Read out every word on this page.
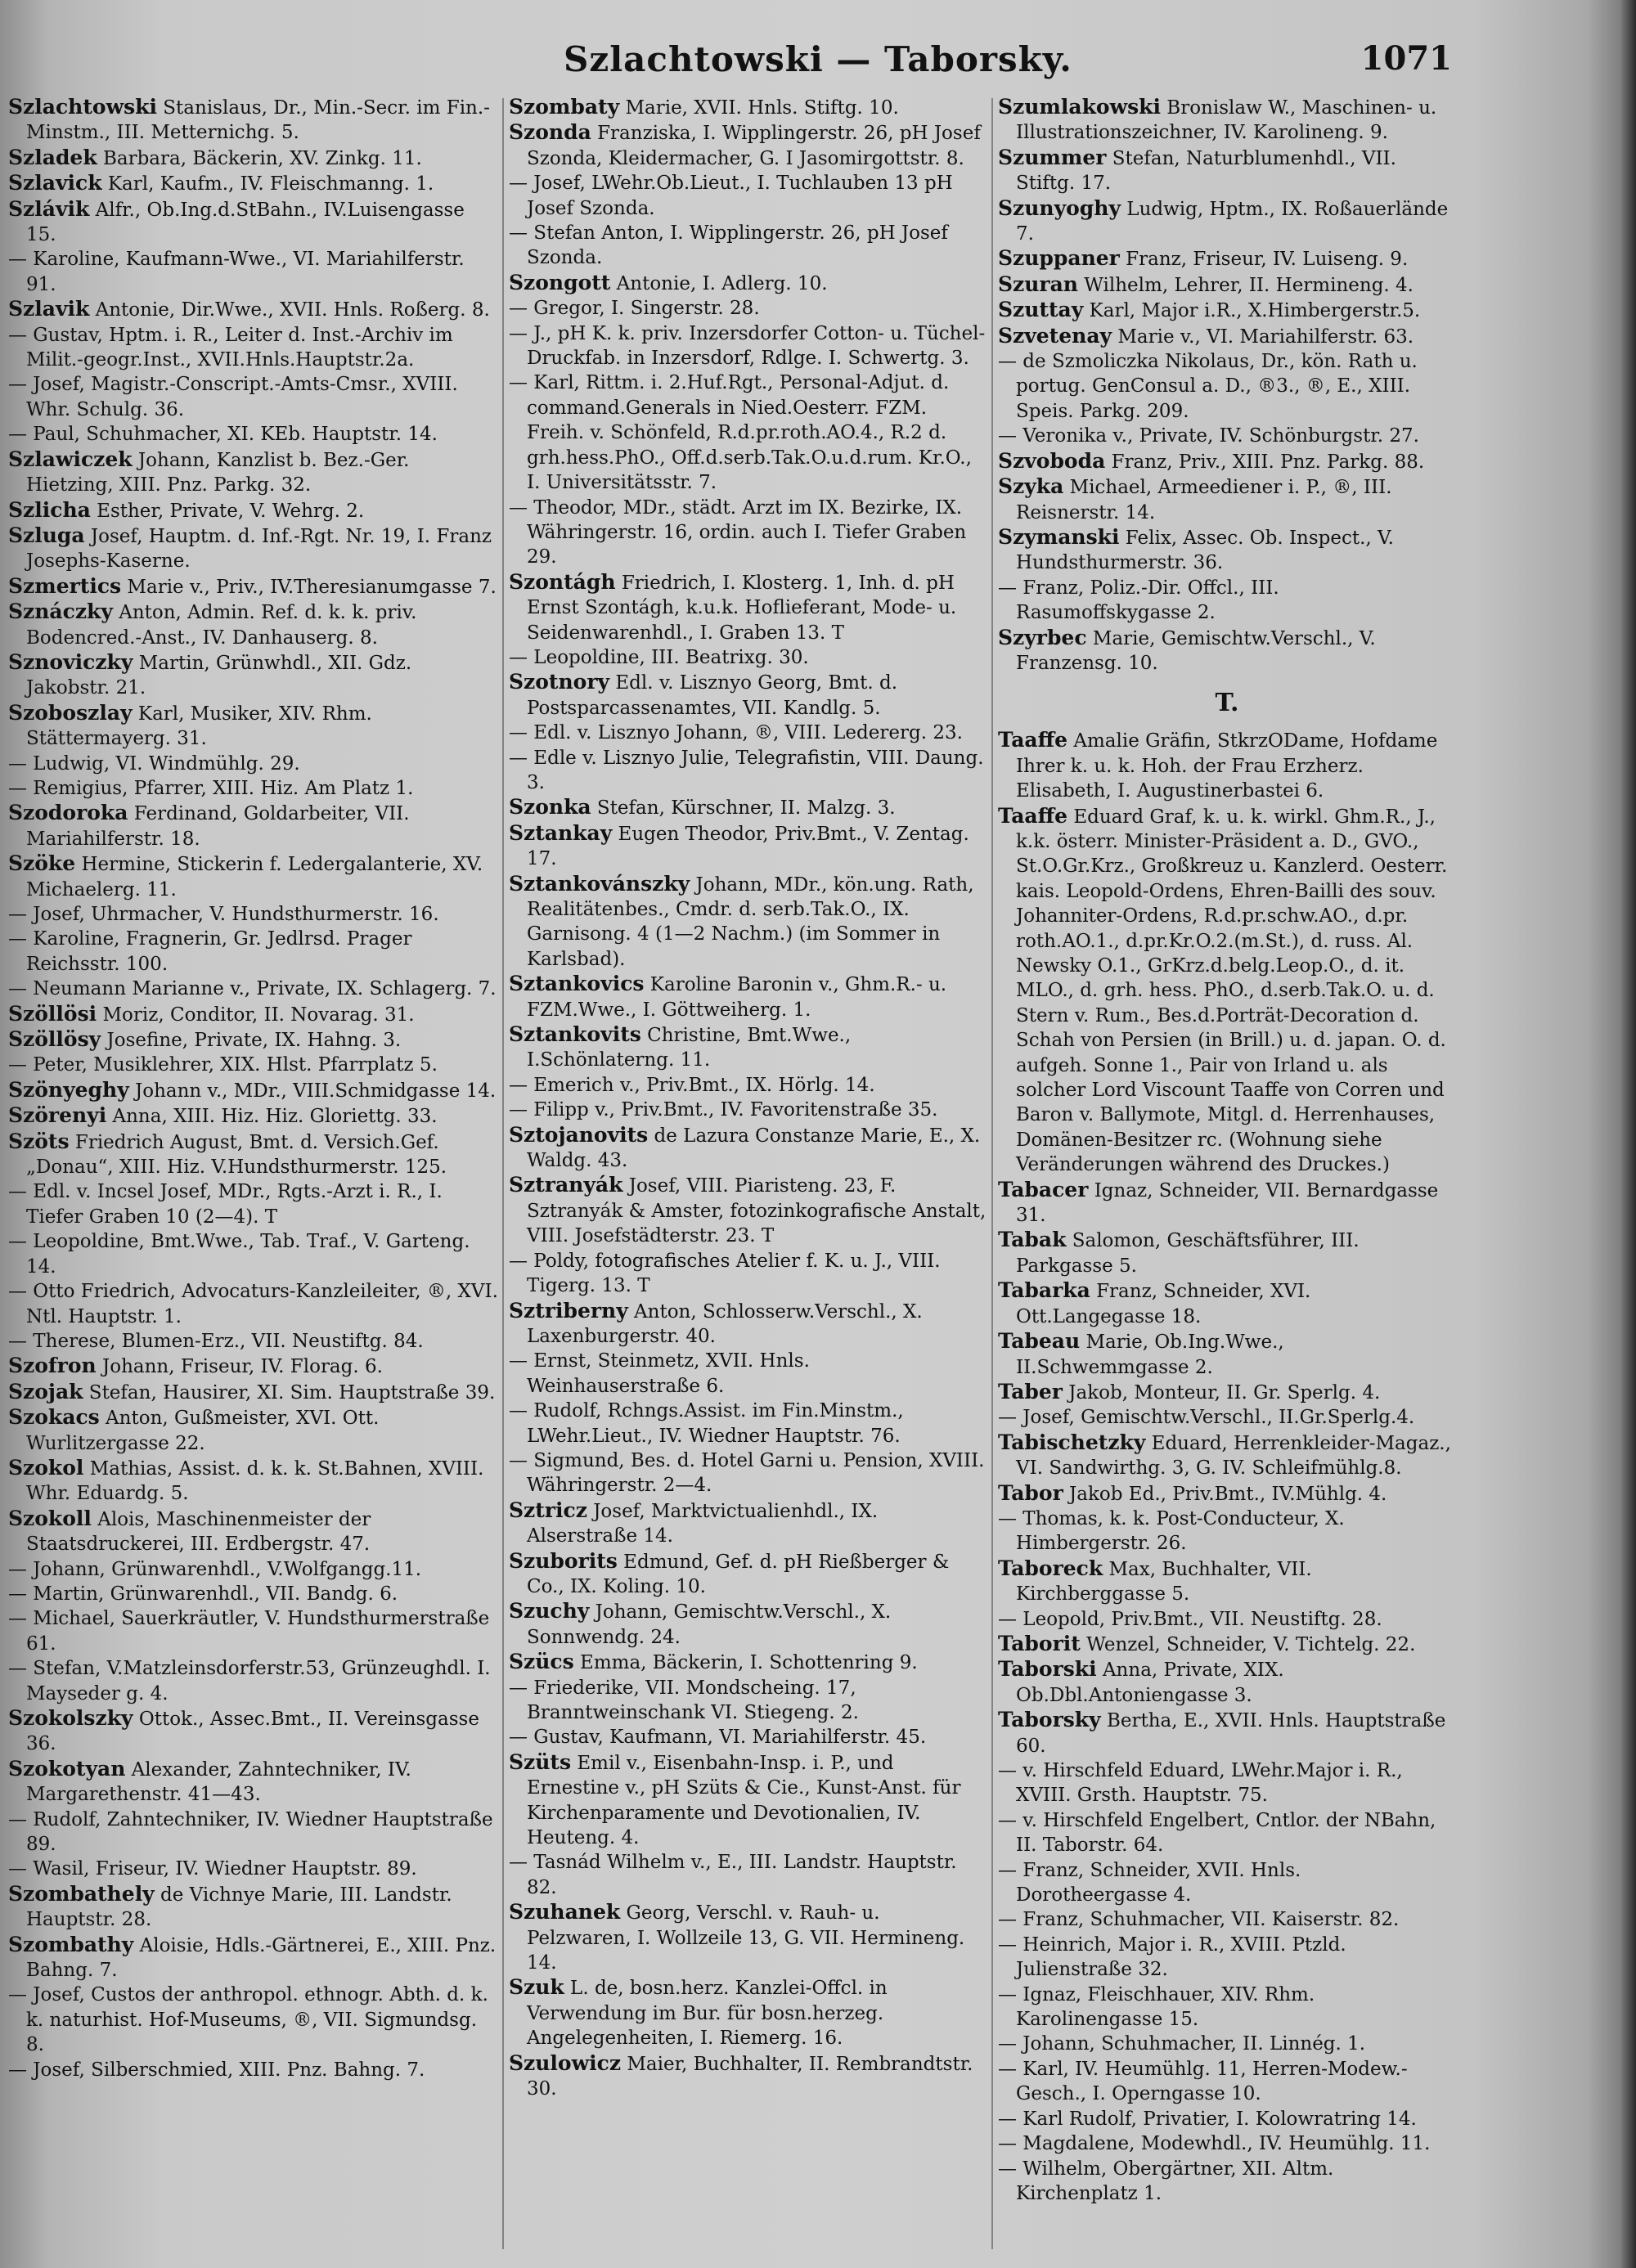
Szlachtowski — Taborsky.	1071

Szlachtowski Stanislaus, Dr., Min.-Secr. im Fin.-Minstm., III. Metternichg. 5.

Szladek Barbara, Bäckerin, XV. Zinkg. 11.

Szlavick Karl, Kaufm., IV. Fleischmanng. 1.

Szlávik Alfr., Ob.Ing.d.StBahn., IV.Luisengasse 15.

— Karoline, Kaufmann-Wwe., VI. Mariahilferstr. 91.

Szlavik Antonie, Dir.Wwe., XVII. Hnls. Roßerg. 8.

— Gustav, Hptm. i. R., Leiter d. Inst.-Archiv im Milit.-geogr.Inst., XVII.Hnls.Hauptstr.2a.

— Josef, Magistr.-Conscript.-Amts-Cmsr., XVIII. Whr. Schulg. 36.

— Paul, Schuhmacher, XI. KEb. Hauptstr. 14.

Szlawiczek Johann, Kanzlist b. Bez.-Ger. Hietzing, XIII. Pnz. Parkg. 32.

Szlicha Esther, Private, V. Wehrg. 2.

Szluga Josef, Hauptm. d. Inf.-Rgt. Nr. 19, I. Franz Josephs-Kaserne.

Szmertics Marie v., Priv., IV.Theresianumgasse 7.

Sznáczky Anton, Admin. Ref. d. k. k. priv. Bodencred.-Anst., IV. Danhauserg. 8.

Sznoviczky Martin, Grünwhdl., XII. Gdz. Jakobstr. 21.

Szoboszlay Karl, Musiker, XIV. Rhm. Stättermayerg. 31.

— Ludwig, VI. Windmühlg. 29.

— Remigius, Pfarrer, XIII. Hiz. Am Platz 1.

Szodoroka Ferdinand, Goldarbeiter, VII. Mariahilferstr. 18.

Szöke Hermine, Stickerin f. Ledergalanterie, XV. Michaelerg. 11.

— Josef, Uhrmacher, V. Hundsthurmerstr. 16.

— Karoline, Fragnerin, Gr. Jedlrsd. Prager Reichsstr. 100.

— Neumann Marianne v., Private, IX. Schlagerg. 7.

Szöllösi Moriz, Conditor, II. Novarag. 31.

Szöllösy Josefine, Private, IX. Hahng. 3.

— Peter, Musiklehrer, XIX. Hlst. Pfarrplatz 5.

Szönyeghy Johann v., MDr., VIII.Schmidgasse 14.

Szörenyi Anna, XIII. Hiz. Hiz. Gloriettg. 33.

Szöts Friedrich August, Bmt. d. Versich.Gef. „Donau“, XIII. Hiz. V.Hundsthurmerstr. 125.

— Edl. v. Incsel Josef, MDr., Rgts.-Arzt i. R., I. Tiefer Graben 10 (2—4). T

— Leopoldine, Bmt.Wwe., Tab. Traf., V. Garteng. 14.

— Otto Friedrich, Advocaturs-Kanzleileiter, ®, XVI. Ntl. Hauptstr. 1.

— Therese, Blumen-Erz., VII. Neustiftg. 84.

Szofron Johann, Friseur, IV. Florag. 6.

Szojak Stefan, Hausirer, XI. Sim. Hauptstraße 39.

Szokacs Anton, Gußmeister, XVI. Ott. Wurlitzergasse 22.

Szokol Mathias, Assist. d. k. k. St.Bahnen, XVIII. Whr. Eduardg. 5.

Szokoll Alois, Maschinenmeister der Staatsdruckerei, III. Erdbergstr. 47.

— Johann, Grünwarenhdl., V.Wolfgangg.11.

— Martin, Grünwarenhdl., VII. Bandg. 6.

— Michael, Sauerkräutler, V. Hundsthurmerstraße 61.

— Stefan, V.Matzleinsdorferstr.53, Grünzeughdl. I. Mayseder g. 4.

Szokolszky Ottok., Assec.Bmt., II. Vereinsgasse 36.

Szokotyan Alexander, Zahntechniker, IV. Margarethenstr. 41—43.

— Rudolf, Zahntechniker, IV. Wiedner Hauptstraße 89.

— Wasil, Friseur, IV. Wiedner Hauptstr. 89.

Szombathely de Vichnye Marie, III. Landstr. Hauptstr. 28.

Szombathy Aloisie, Hdls.-Gärtnerei, E., XIII. Pnz. Bahng. 7.

— Josef, Custos der anthropol. ethnogr. Abth. d. k. k. naturhist. Hof-Museums, ®, VII. Sigmundsg. 8.

— Josef, Silberschmied, XIII. Pnz. Bahng. 7.

Szombaty Marie, XVII. Hnls. Stiftg. 10.

Szonda Franziska, I. Wipplingerstr. 26, pH Josef Szonda, Kleidermacher, G. I Jasomirgottstr. 8.

— Josef, LWehr.Ob.Lieut., I. Tuchlauben 13 pH Josef Szonda.

— Stefan Anton, I. Wipplingerstr. 26, pH Josef Szonda.

Szongott Antonie, I. Adlerg. 10.

— Gregor, I. Singerstr. 28.

— J., pH K. k. priv. Inzersdorfer Cotton- u. Tüchel-Druckfab. in Inzersdorf, Rdlge. I. Schwertg. 3.

— Karl, Rittm. i. 2.Huf.Rgt., Personal-Adjut. d. command.Generals in Nied.Oesterr. FZM. Freih. v. Schönfeld, R.d.pr.roth.AO.4., R.2 d. grh.hess.PhO., Off.d.serb.Tak.O.u.d.rum. Kr.O., I. Universitätsstr. 7.

— Theodor, MDr., städt. Arzt im IX. Bezirke, IX. Währingerstr. 16, ordin. auch I. Tiefer Graben 29.

Szontágh Friedrich, I. Klosterg. 1, Inh. d. pH Ernst Szontágh, k.u.k. Hoflieferant, Mode- u. Seidenwarenhdl., I. Graben 13. T

— Leopoldine, III. Beatrixg. 30.

Szotnory Edl. v. Lisznyo Georg, Bmt. d. Postsparcassenamtes, VII. Kandlg. 5.

— Edl. v. Lisznyo Johann, ®, VIII. Ledererg. 23.

— Edle v. Lisznyo Julie, Telegrafistin, VIII. Daung. 3.

Szonka Stefan, Kürschner, II. Malzg. 3.

Sztankay Eugen Theodor, Priv.Bmt., V. Zentag. 17.

Sztankovánszky Johann, MDr., kön.ung. Rath, Realitätenbes., Cmdr. d. serb.Tak.O., IX. Garnisong. 4 (1—2 Nachm.) (im Sommer in Karlsbad).

Sztankovics Karoline Baronin v., Ghm.R.- u. FZM.Wwe., I. Göttweiherg. 1.

Sztankovits Christine, Bmt.Wwe., I.Schönlaterng. 11.

— Emerich v., Priv.Bmt., IX. Hörlg. 14.

— Filipp v., Priv.Bmt., IV. Favoritenstraße 35.

Sztojanovits de Lazura Constanze Marie, E., X. Waldg. 43.

Sztranyák Josef, VIII. Piaristeng. 23, F. Sztranyák & Amster, fotozinkografische Anstalt, VIII. Josefstädterstr. 23. T

— Poldy, fotografisches Atelier f. K. u. J., VIII. Tigerg. 13. T

Sztriberny Anton, Schlosserw.Verschl., X. Laxenburgerstr. 40.

— Ernst, Steinmetz, XVII. Hnls. Weinhauserstraße 6.

— Rudolf, Rchngs.Assist. im Fin.Minstm., LWehr.Lieut., IV. Wiedner Hauptstr. 76.

— Sigmund, Bes. d. Hotel Garni u. Pension, XVIII. Währingerstr. 2—4.

Sztricz Josef, Marktvictualienhdl., IX. Alserstraße 14.

Szuborits Edmund, Gef. d. pH Rießberger & Co., IX. Koling. 10.

Szuchy Johann, Gemischtw.Verschl., X. Sonnwendg. 24.

Szücs Emma, Bäckerin, I. Schottenring 9.

— Friederike, VII. Mondscheing. 17, Branntweinschank VI. Stiegeng. 2.

— Gustav, Kaufmann, VI. Mariahilferstr. 45.

Szüts Emil v., Eisenbahn-Insp. i. P., und Ernestine v., pH Szüts & Cie., Kunst-Anst. für Kirchenparamente und Devotionalien, IV. Heuteng. 4.

— Tasnád Wilhelm v., E., III. Landstr. Hauptstr. 82.

Szuhanek Georg, Verschl. v. Rauh- u. Pelzwaren, I. Wollzeile 13, G. VII. Hermineng. 14.

Szuk L. de, bosn.herz. Kanzlei-Offcl. in Verwendung im Bur. für bosn.herzeg. Angelegenheiten, I. Riemerg. 16.

Szulowicz Maier, Buchhalter, II. Rembrandtstr. 30.

Szumlakowski Bronislaw W., Maschinen- u. Illustrationszeichner, IV. Karolineng. 9.

Szummer Stefan, Naturblumenhdl., VII. Stiftg. 17.

Szunyoghy Ludwig, Hptm., IX. Roßauerlände 7.

Szuppaner Franz, Friseur, IV. Luiseng. 9.

Szuran Wilhelm, Lehrer, II. Hermineng. 4.

Szuttay Karl, Major i.R., X.Himbergerstr.5.

Szvetenay Marie v., VI. Mariahilferstr. 63.

— de Szmoliczka Nikolaus, Dr., kön. Rath u. portug. GenConsul a. D., ®3., ®, E., XIII. Speis. Parkg. 209.

— Veronika v., Private, IV. Schönburgstr. 27.

Szvoboda Franz, Priv., XIII. Pnz. Parkg. 88.

Szyka Michael, Armeediener i. P., ®, III. Reisnerstr. 14.

Szymanski Felix, Assec. Ob. Inspect., V. Hundsthurmerstr. 36.

— Franz, Poliz.-Dir. Offcl., III. Rasumoffskygasse 2.

Szyrbec Marie, Gemischtw.Verschl., V. Franzensg. 10.

T.

Taaffe Amalie Gräfin, StkrzODame, Hofdame Ihrer k. u. k. Hoh. der Frau Erzherz. Elisabeth, I. Augustinerbastei 6.

Taaffe Eduard Graf, k. u. k. wirkl. Ghm.R., J., k.k. österr. Minister-Präsident a. D., GVO., St.O.Gr.Krz., Großkreuz u. Kanzlerd. Oesterr. kais. Leopold-Ordens, Ehren-Bailli des souv. Johanniter-Ordens, R.d.pr.schw.AO., d.pr. roth.AO.1., d.pr.Kr.O.2.(m.St.), d. russ. Al. Newsky O.1., GrKrz.d.belg.Leop.O., d. it. MLO., d. grh. hess. PhO., d.serb.Tak.O. u. d. Stern v. Rum., Bes.d.Porträt-Decoration d. Schah von Persien (in Brill.) u. d. japan. O. d. aufgeh. Sonne 1., Pair von Irland u. als solcher Lord Viscount Taaffe von Corren und Baron v. Ballymote, Mitgl. d. Herrenhauses, Domänen-Besitzer rc. (Wohnung siehe Veränderungen während des Druckes.)

Tabacer Ignaz, Schneider, VII. Bernardgasse 31.

Tabak Salomon, Geschäftsführer, III. Parkgasse 5.

Tabarka Franz, Schneider, XVI. Ott.Langegasse 18.

Tabeau Marie, Ob.Ing.Wwe., II.Schwemmgasse 2.

Taber Jakob, Monteur, II. Gr. Sperlg. 4.

— Josef, Gemischtw.Verschl., II.Gr.Sperlg.4.

Tabischetzky Eduard, Herrenkleider-Magaz., VI. Sandwirthg. 3, G. IV. Schleifmühlg.8.

Tabor Jakob Ed., Priv.Bmt., IV.Mühlg. 4.

— Thomas, k. k. Post-Conducteur, X. Himbergerstr. 26.

Taboreck Max, Buchhalter, VII. Kirchberggasse 5.

— Leopold, Priv.Bmt., VII. Neustiftg. 28.

Taborit Wenzel, Schneider, V. Tichtelg. 22.

Taborski Anna, Private, XIX. Ob.Dbl.Antoniengasse 3.

Taborsky Bertha, E., XVII. Hnls. Hauptstraße 60.

— v. Hirschfeld Eduard, LWehr.Major i. R., XVIII. Grsth. Hauptstr. 75.

— v. Hirschfeld Engelbert, Cntlor. der NBahn, II. Taborstr. 64.

— Franz, Schneider, XVII. Hnls. Dorotheergasse 4.

— Franz, Schuhmacher, VII. Kaiserstr. 82.

— Heinrich, Major i. R., XVIII. Ptzld. Julienstraße 32.

— Ignaz, Fleischhauer, XIV. Rhm. Karolinengasse 15.

— Johann, Schuhmacher, II. Linnég. 1.

— Karl, IV. Heumühlg. 11, Herren-Modew.-Gesch., I. Operngasse 10.

— Karl Rudolf, Privatier, I. Kolowratring 14.

— Magdalene, Modewhdl., IV. Heumühlg. 11.

— Wilhelm, Obergärtner, XII. Altm. Kirchenplatz 1.
